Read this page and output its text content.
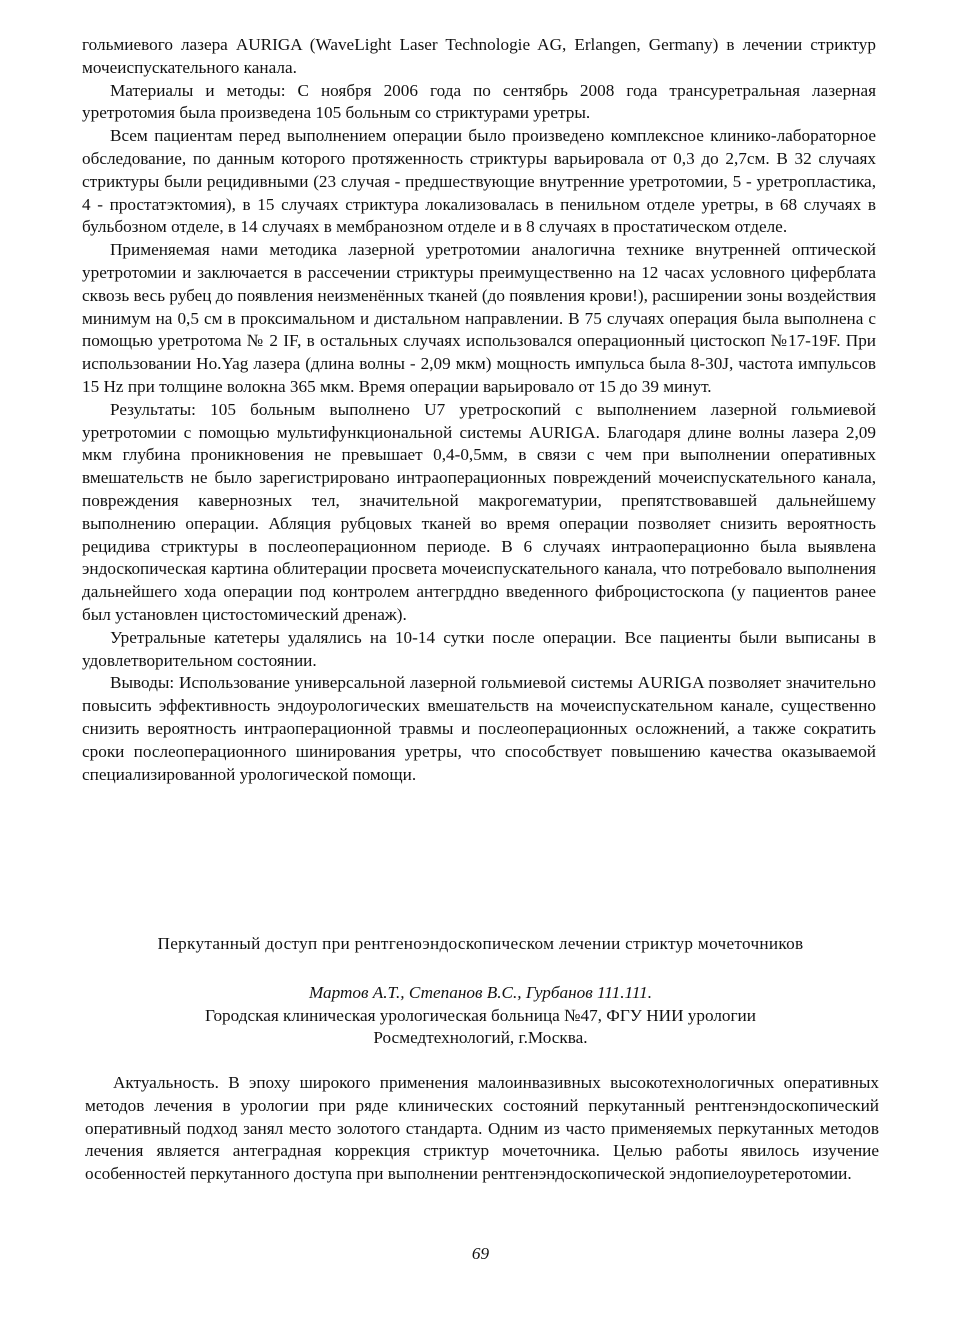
гольмиевого лазера AURIGA (WaveLight Laser Technologie AG, Erlangen, Germany) в лечении стриктур мочеиспускательного канала.

Материалы и методы: С ноября 2006 года по сентябрь 2008 года трансуретральная лазерная уретротомия была произведена 105 больным со стриктурами уретры.

Всем пациентам перед выполнением операции было произведено комплексное клинико-лабораторное обследование, по данным которого протяженность стриктуры варьировала от 0,3 до 2,7см. В 32 случаях стриктуры были рецидивными (23 случая - предшествующие внутренние уретротомии, 5 - уретропластика, 4 - простатэктомия), в 15 случаях стриктура локализовалась в пенильном отделе уретры, в 68 случаях в бульбозном отделе, в 14 случаях в мембранозном отделе и в 8 случаях в простатическом отделе.

Применяемая нами методика лазерной уретротомии аналогична технике внутренней оптической уретротомии и заключается в рассечении стриктуры преимущественно на 12 часах условного циферблата сквозь весь рубец до появления неизменённых тканей (до появления крови!), расширении зоны воздействия минимум на 0,5 см в проксимальном и дистальном направлении. В 75 случаях операция была выполнена с помощью уретротома № 2 IF, в остальных случаях использовался операционный цистоскоп №17-19F. При использовании Ho.Yag лазера (длина волны - 2,09 мкм) мощность импульса была 8-30J, частота импульсов 15 Hz при толщине волокна 365 мкм. Время операции варьировало от 15 до 39 минут.

Результаты: 105 больным выполнено U7 уретроскопий с выполнением лазерной гольмиевой уретротомии с помощью мультифункциональной системы AURIGA. Благодаря длине волны лазера 2,09 мкм глубина проникновения не превышает 0,4-0,5мм, в связи с чем при выполнении оперативных вмешательств не было зарегистрировано интраоперационных повреждений мочеиспускательного канала, повреждения кавернозных тел, значительной макрогематурии, препятствовавшей дальнейшему выполнению операции. Абляция рубцовых тканей во время операции позволяет снизить вероятность рецидива стриктуры в послеоперационном периоде. В 6 случаях интраоперационно была выявлена эндоскопическая картина облитерации просвета мочеиспускательного канала, что потребовало выполнения дальнейшего хода операции под контролем антегрддно введенного фиброцистоскопа (у пациентов ранее был установлен цистостомический дренаж).

Уретральные катетеры удалялись на 10-14 сутки после операции. Все пациенты были выписаны в удовлетворительном состоянии.

Выводы: Использование универсальной лазерной гольмиевой системы AURIGA позволяет значительно повысить эффективность эндоурологических вмешательств на мочеиспускательном канале, существенно снизить вероятность интраоперационной травмы и послеоперационных осложнений, а также сократить сроки послеоперационного шинирования уретры, что способствует повышению качества оказываемой специализированной урологической помощи.

Перкутанный доступ при рентгеноэндоскопическом лечении стриктур мочеточников
Мартов А.Т., Степанов В.С., Гурбанов 111.111.
Городская клиническая урологическая больница №47, ФГУ НИИ урологии
Росмедтехнологий, г.Москва.

Актуальность. В эпоху широкого применения малоинвазивных высокотехнологичных оперативных методов лечения в урологии при ряде клинических состояний перкутанный рентгенэндоскопический оперативный подход занял место золотого стандарта. Одним из часто применяемых перкутанных методов лечения является антеградная коррекция стриктур мочеточника. Целью работы явилось изучение особенностей перкутанного доступа при выполнении рентгенэндоскопической эндопиелоуретеротомии.

69
